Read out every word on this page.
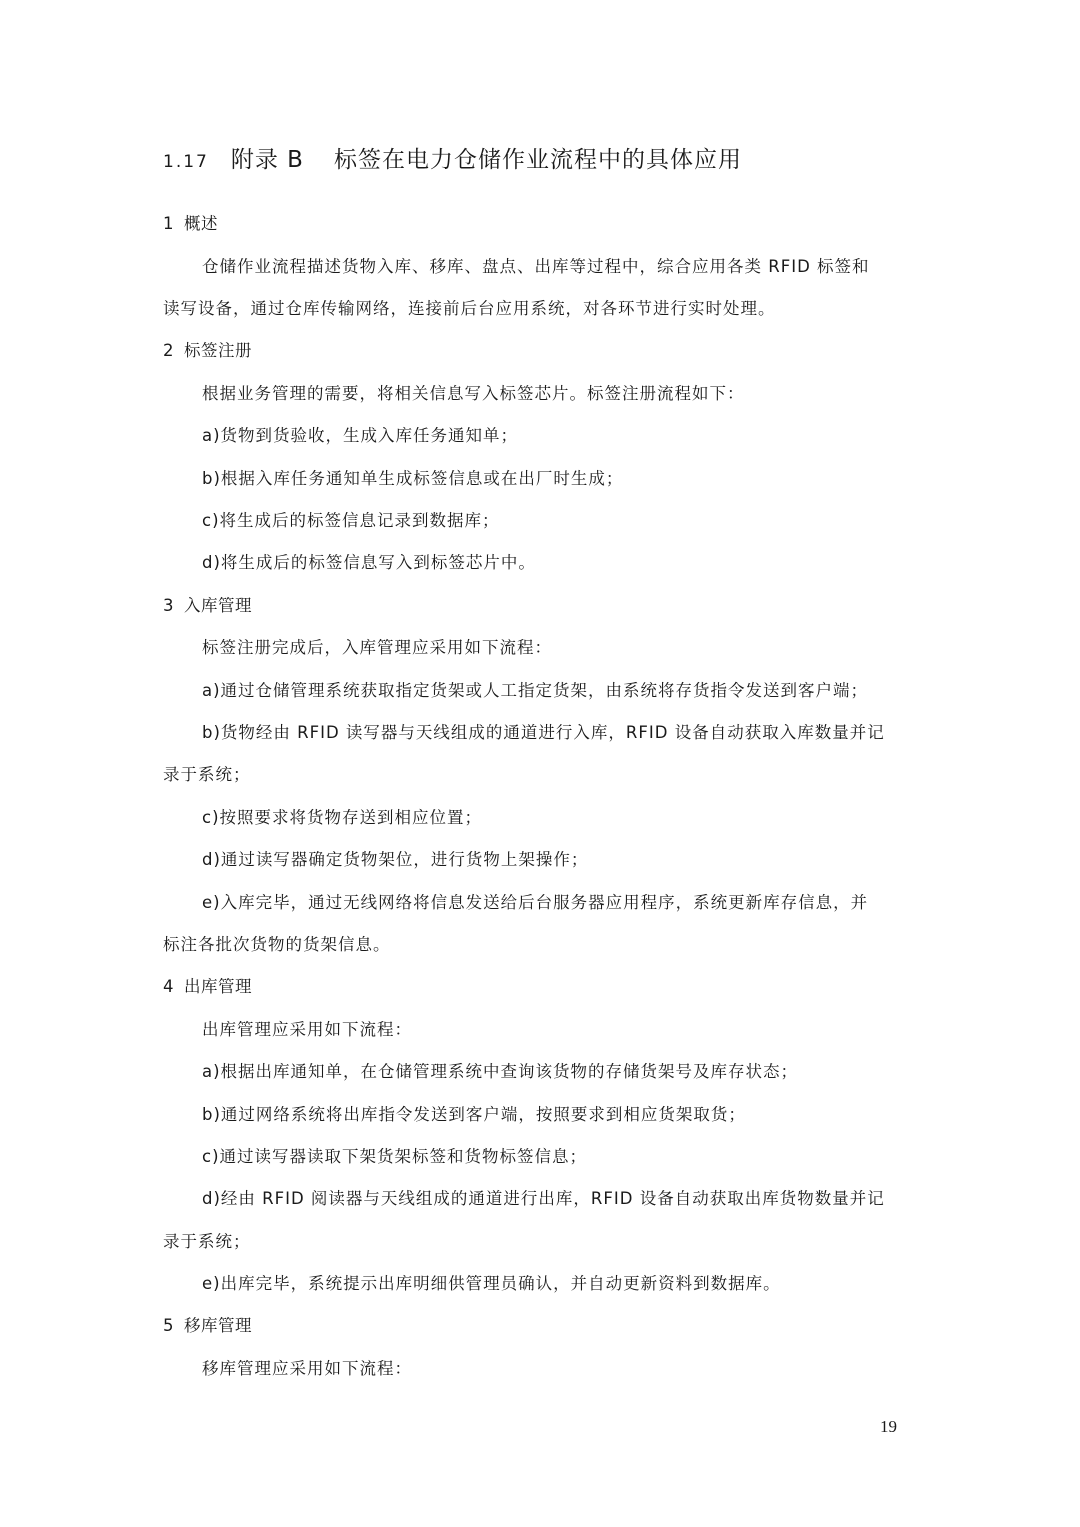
1.17 附录 B 标签在电力仓储作业流程中的具体应用
1 概述
仓储作业流程描述货物入库、移库、盘点、出库等过程中，综合应用各类 RFID 标签和
读写设备，通过仓库传输网络，连接前后台应用系统，对各环节进行实时处理。
2 标签注册
根据业务管理的需要，将相关信息写入标签芯片。标签注册流程如下：
a)货物到货验收，生成入库任务通知单；
b)根据入库任务通知单生成标签信息或在出厂时生成；
c)将生成后的标签信息记录到数据库；
d)将生成后的标签信息写入到标签芯片中。
3 入库管理
标签注册完成后，入库管理应采用如下流程：
a)通过仓储管理系统获取指定货架或人工指定货架，由系统将存货指令发送到客户端；
b)货物经由 RFID 读写器与天线组成的通道进行入库，RFID 设备自动获取入库数量并记
录于系统；
c)按照要求将货物存送到相应位置；
d)通过读写器确定货物架位，进行货物上架操作；
e)入库完毕，通过无线网络将信息发送给后台服务器应用程序，系统更新库存信息，并
标注各批次货物的货架信息。
4 出库管理
出库管理应采用如下流程：
a)根据出库通知单，在仓储管理系统中查询该货物的存储货架号及库存状态；
b)通过网络系统将出库指令发送到客户端，按照要求到相应货架取货；
c)通过读写器读取下架货架标签和货物标签信息；
d)经由 RFID 阅读器与天线组成的通道进行出库，RFID 设备自动获取出库货物数量并记
录于系统；
e)出库完毕，系统提示出库明细供管理员确认，并自动更新资料到数据库。
5 移库管理
移库管理应采用如下流程：
19
